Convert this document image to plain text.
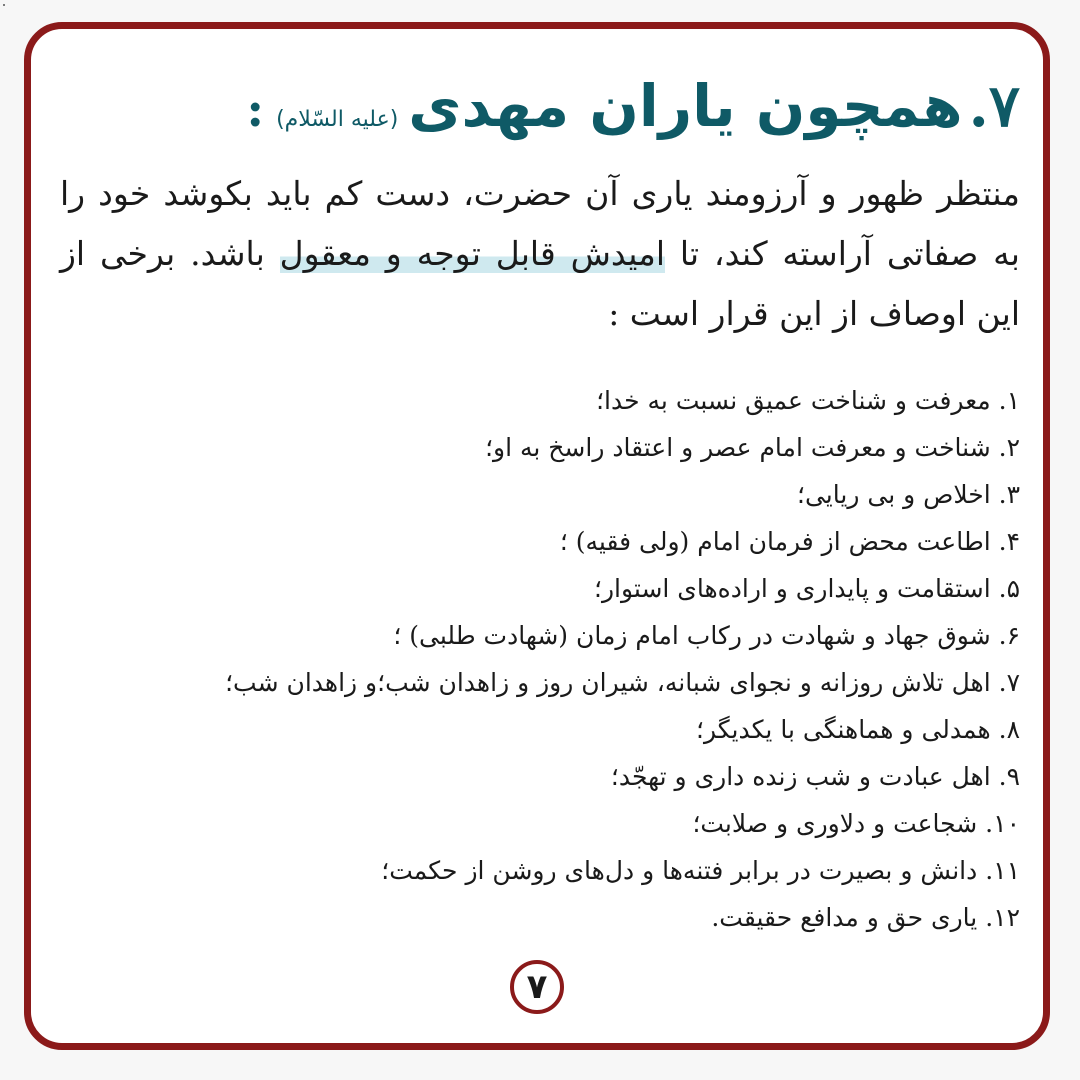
۷.
همچون یاران مهدی
(علیه السّلام)
:

منتظر ظهور و آرزومند یاری آن حضرت، دست کم باید بکوشد خود را به صفاتی آراسته کند، تا امیدش قابل توجه و معقول باشد. برخی از این اوصاف از این قرار است :

۱. معرفت و شناخت عمیق نسبت به خدا؛
۲. شناخت و معرفت امام عصر و اعتقاد راسخ به او؛
۳. اخلاص و بی ریایی؛
۴. اطاعت محض از فرمان امام (ولی فقیه) ؛
۵. استقامت و پایداری و اراده‌های استوار؛
۶. شوق جهاد و شهادت در رکاب امام زمان (شهادت طلبی) ؛
۷. اهل تلاش روزانه و نجوای شبانه، شیران روز و زاهدان شب؛و زاهدان شب؛
۸. همدلی و هماهنگی با یکدیگر؛
۹. اهل عبادت و شب زنده داری و تهجّد؛
۱۰. شجاعت و دلاوری و صلابت؛
۱۱. دانش و بصیرت در برابر فتنه‌ها و دل‌های روشن از حکمت؛
۱۲. یاری حق و مدافع حقیقت.
۷
